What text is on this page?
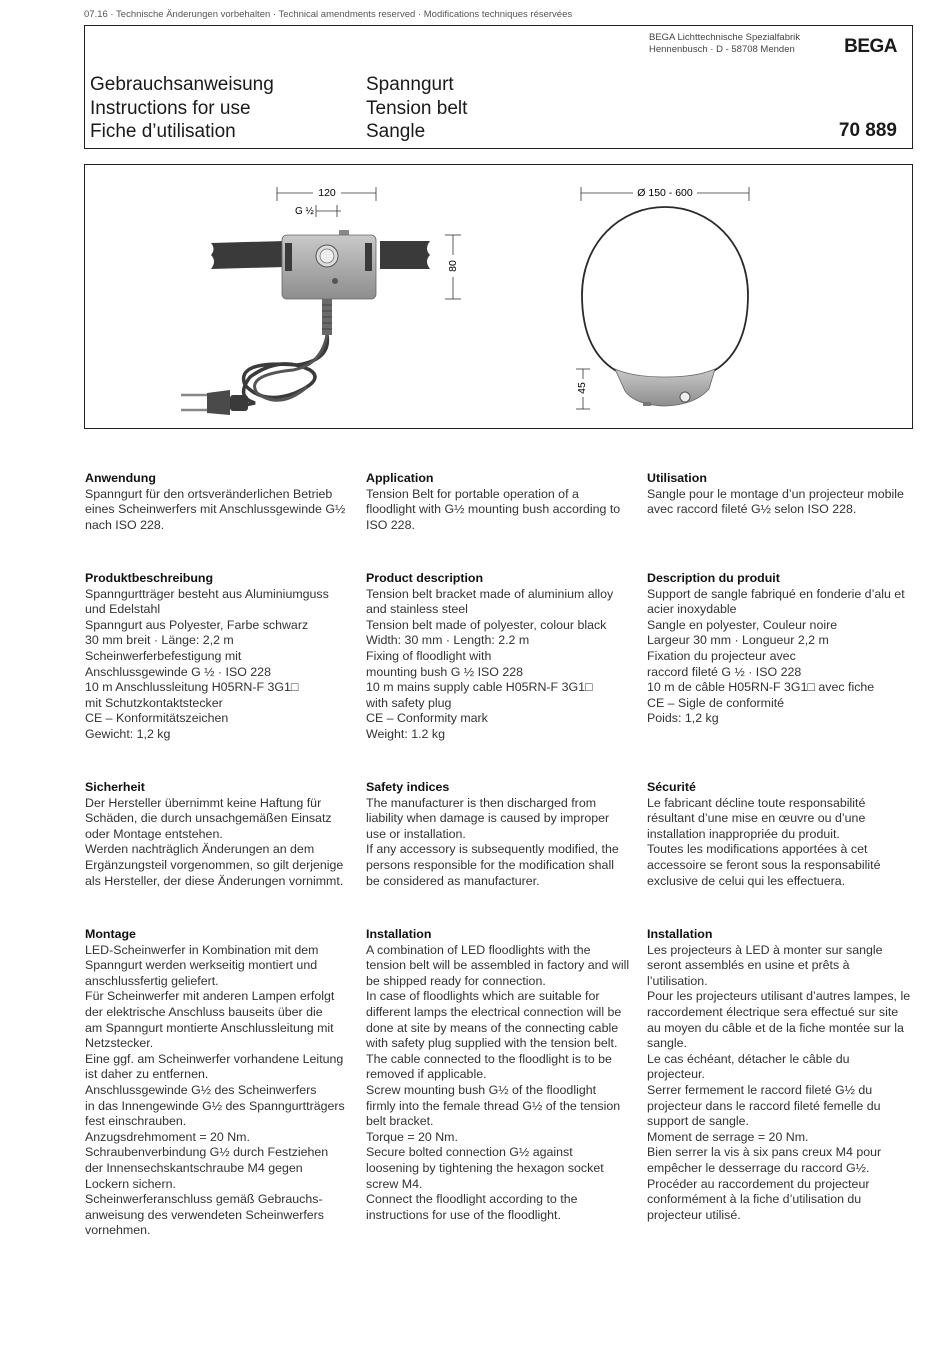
07.16 · Technische Änderungen vorbehalten · Technical amendments reserved · Modifications techniques réservées
BEGA Lichttechnische Spezialfabrik
Hennenbusch · D - 58708 Menden	BEGA
Gebrauchsanweisung
Instructions for use
Fiche d’utilisation
Spanngurt
Tension belt
Sangle	70 889
120
G ½
80
Ø 150 - 600
45
Anwendung

Spanngurt für den ortsveränderlichen Betrieb
eines Scheinwerfers mit Anschlussgewinde G½
nach ISO 228.

Application

Tension Belt for portable operation of a
floodlight with G½ mounting bush according to
ISO 228.

Utilisation

Sangle pour le montage d’un projecteur mobile
avec raccord fileté G½ selon ISO 228.

Produktbeschreibung

Spanngurtträger besteht aus Aluminiumguss
und Edelstahl
Spanngurt aus Polyester, Farbe schwarz
30 mm breit · Länge: 2,2 m
Scheinwerferbefestigung mit
Anschlussgewinde G ½ · ISO 228
10 m Anschlussleitung H05RN-F 3G1□
mit Schutzkontaktstecker
CE – Konformitätszeichen
Gewicht: 1,2 kg

Product description

Tension belt bracket made of aluminium alloy
and stainless steel
Tension belt made of polyester, colour black
Width: 30 mm · Length: 2.2 m
Fixing of floodlight with
mounting bush G ½ ISO 228
10 m mains supply cable H05RN-F 3G1□
with safety plug
CE – Conformity mark
Weight: 1.2 kg

Description du produit

Support de sangle fabriqué en fonderie d’alu et
acier inoxydable
Sangle en polyester, Couleur noire
Largeur 30 mm · Longueur 2,2 m
Fixation du projecteur avec
raccord fileté G ½ · ISO 228
10 m de câble H05RN-F 3G1□ avec fiche
CE – Sigle de conformité
Poids: 1,2 kg

Sicherheit

Der Hersteller übernimmt keine Haftung für
Schäden, die durch unsachgemäßen Einsatz
oder Montage entstehen.
Werden nachträglich Änderungen an dem
Ergänzungsteil vorgenommen, so gilt derjenige
als Hersteller, der diese Änderungen vornimmt.

Safety indices

The manufacturer is then discharged from
liability when damage is caused by improper
use or installation.
If any accessory is subsequently modified, the
persons responsible for the modification shall
be considered as manufacturer.

Sécurité

Le fabricant décline toute responsabilité
résultant d’une mise en œuvre ou d’une
installation inappropriée du produit.
Toutes les modifications apportées à cet
accessoire se feront sous la responsabilité
exclusive de celui qui les effectuera.

Montage

LED-Scheinwerfer in Kombination mit dem
Spanngurt werden werkseitig montiert und
anschlussfertig geliefert.
Für Scheinwerfer mit anderen Lampen erfolgt
der elektrische Anschluss bauseits über die
am Spanngurt montierte Anschlussleitung mit
Netzstecker.
Eine ggf. am Scheinwerfer vorhandene Leitung
ist daher zu entfernen.
Anschlussgewinde G½ des Scheinwerfers
in das Innengewinde G½ des Spanngurtträgers
fest einschrauben.
Anzugsdrehmoment = 20 Nm.
Schraubenverbindung G½ durch Festziehen
der Innensechskantschraube M4 gegen
Lockern sichern.
Scheinwerferanschluss gemäß Gebrauchs-
anweisung des verwendeten Scheinwerfers
vornehmen.

Installation

A combination of LED floodlights with the
tension belt will be assembled in factory and will
be shipped ready for connection.
In case of floodlights which are suitable for
different lamps the electrical connection will be
done at site by means of the connecting cable
with safety plug supplied with the tension belt.
The cable connected to the floodlight is to be
removed if applicable.
Screw mounting bush G½ of the floodlight
firmly into the female thread G½ of the tension
belt bracket.
Torque = 20 Nm.
Secure bolted connection G½ against
loosening by tightening the hexagon socket
screw M4.
Connect the floodlight according to the
instructions for use of the floodlight.

Installation

Les projecteurs à LED à monter sur sangle
seront assemblés en usine et prêts à
l’utilisation.
Pour les projecteurs utilisant d’autres lampes, le
raccordement électrique sera effectué sur site
au moyen du câble et de la fiche montée sur la
sangle.
Le cas échéant, détacher le câble du
projecteur.
Serrer fermement le raccord fileté G½ du
projecteur dans le raccord fileté femelle du
support de sangle.
Moment de serrage = 20 Nm.
Bien serrer la vis à six pans creux M4 pour
empêcher le desserrage du raccord G½.
Procéder au raccordement du projecteur
conformément à la fiche d’utilisation du
projecteur utilisé.
